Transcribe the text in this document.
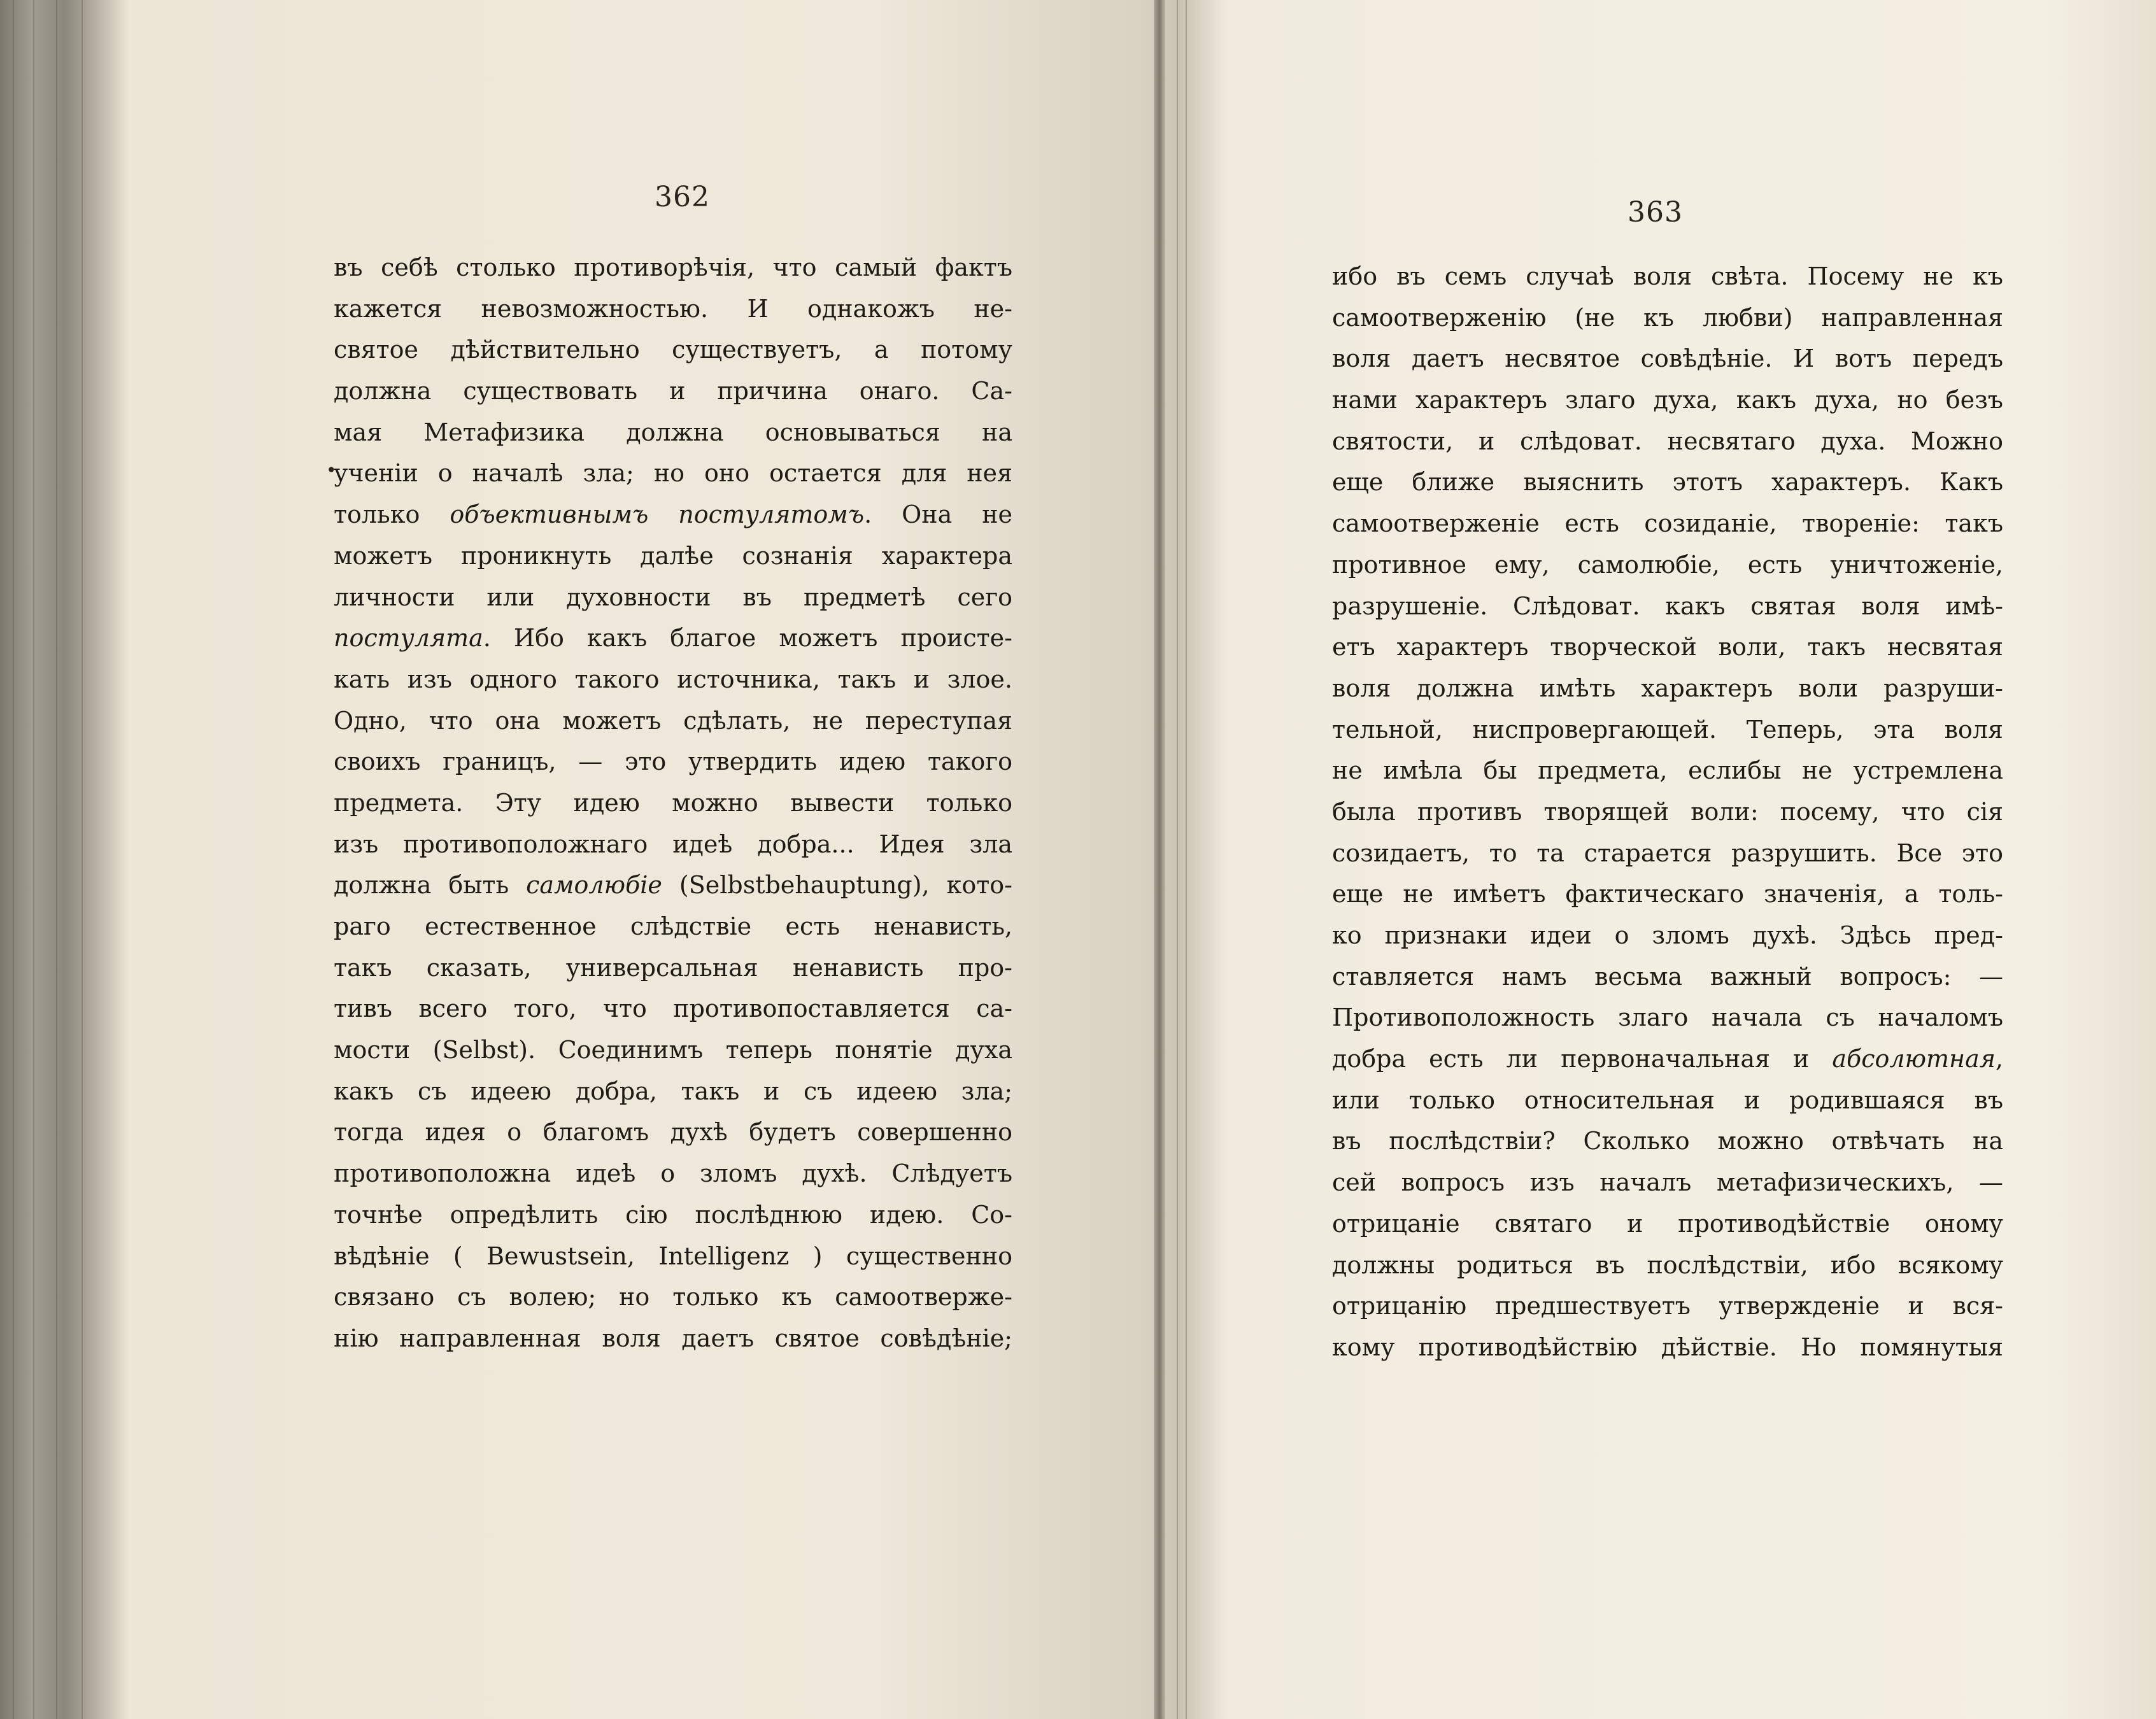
362
въ себѣ столько противорѣчія, что самый фактъ
кажется невозможностью. И однакожъ не-
святое дѣйствительно существуетъ, а потому
должна существовать и причина онаго. Са-
мая Метафизика должна основываться на
ученіи о началѣ зла; но оно остается для нея
только объективнымъ постулятомъ. Она не
можетъ проникнуть далѣе сознанія характера
личности или духовности въ предметѣ сего
постулята. Ибо какъ благое можетъ происте-
кать изъ одного такого источника, такъ и злое.
Одно, что она можетъ сдѣлать, не переступая
своихъ границъ, — это утвердить идею такого
предмета. Эту идею можно вывести только
изъ противоположнаго идеѣ добра... Идея зла
должна быть самолюбіе (Selbstbehauptung), кото-
раго естественное слѣдствіе есть ненависть,
такъ сказать, универсальная ненависть про-
тивъ всего того, что противопоставляется са-
мости (Selbst). Соединимъ теперь понятіе духа
какъ съ идеею добра, такъ и съ идеею зла;
тогда идея о благомъ духѣ будетъ совершенно
противоположна идеѣ о зломъ духѣ. Слѣдуетъ
точнѣе опредѣлить сію послѣднюю идею. Со-
вѣдѣніе ( Bewustsein, Intelligenz ) существенно
связано съ волею; но только къ самоотверже-
нію направленная воля даетъ святое совѣдѣніе;
•
363
ибо въ семъ случаѣ воля свѣта. Посему не къ
самоотверженію (не къ любви) направленная
воля даетъ несвятое совѣдѣніе. И вотъ передъ
нами характеръ злаго духа, какъ духа, но безъ
святости, и слѣдоват. несвятаго духа. Можно
еще ближе выяснить этотъ характеръ. Какъ
самоотверженіе есть созиданіе, твореніе: такъ
противное ему, самолюбіе, есть уничтоженіе,
разрушеніе. Слѣдоват. какъ святая воля имѣ-
етъ характеръ творческой воли, такъ несвятая
воля должна имѣть характеръ воли разруши-
тельной, ниспровергающей. Теперь, эта воля
не имѣла бы предмета, еслибы не устремлена
была противъ творящей воли: посему, что сія
созидаетъ, то та старается разрушить. Все это
еще не имѣетъ фактическаго значенія, а толь-
ко признаки идеи о зломъ духѣ. Здѣсь пред-
ставляется намъ весьма важный вопросъ: —
Противоположность злаго начала съ началомъ
добра есть ли первоначальная и абсолютная,
или только относительная и родившаяся въ
въ послѣдствіи? Сколько можно отвѣчать на
сей вопросъ изъ началъ метафизическихъ, —
отрицаніе святаго и противодѣйствіе оному
должны родиться въ послѣдствіи, ибо всякому
отрицанію предшествуетъ утвержденіе и вся-
кому противодѣйствію дѣйствіе. Но помянутыя
